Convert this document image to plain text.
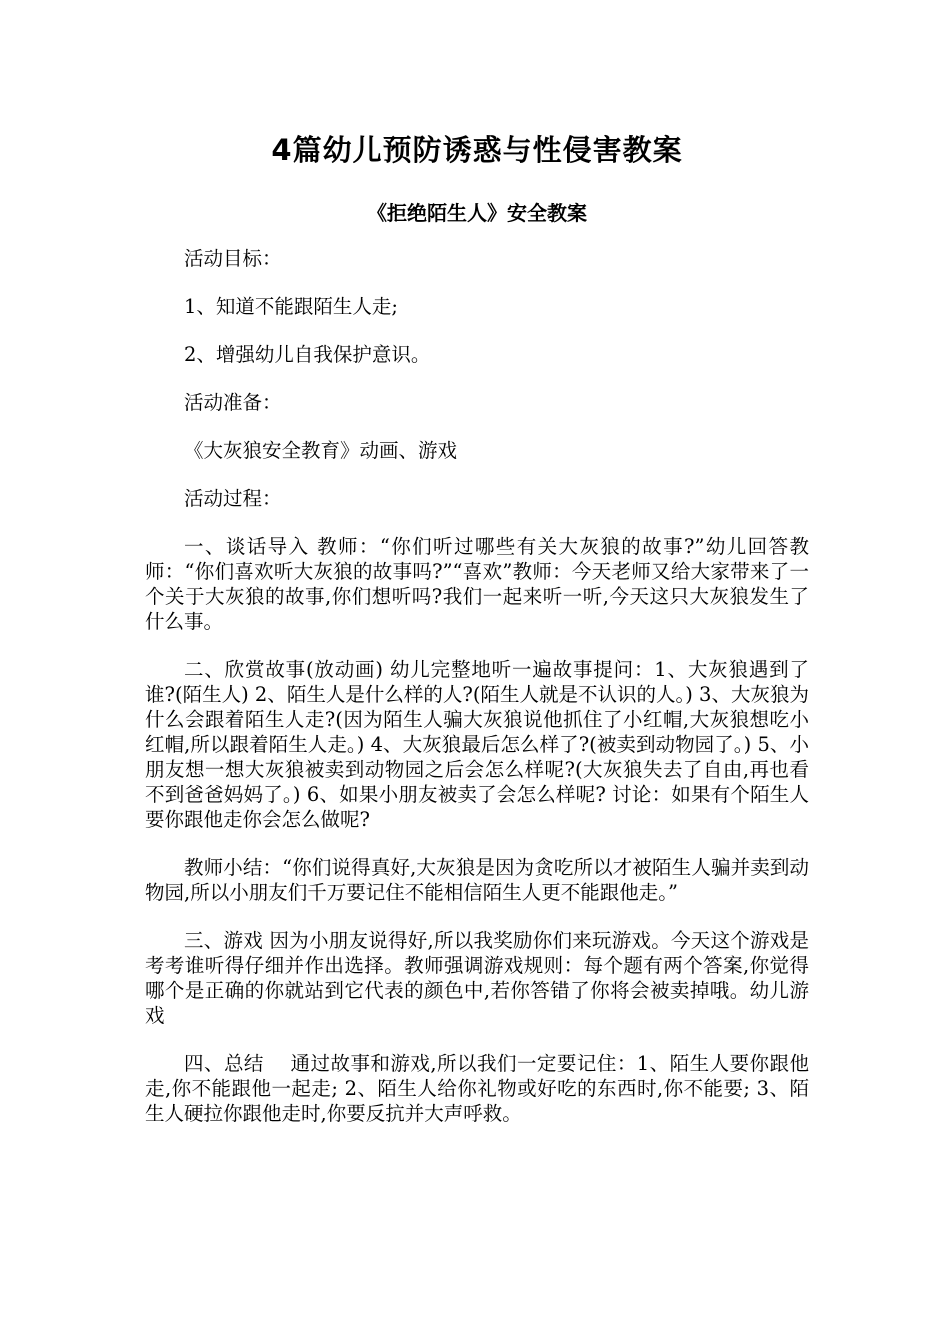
4篇幼儿预防诱惑与性侵害教案
《拒绝陌生人》安全教案

活动目标：

1、知道不能跟陌生人走;

2、增强幼儿自我保护意识。

活动准备：

《大灰狼安全教育》动画、游戏

活动过程：

一、谈话导入 教师：“你们听过哪些有关大灰狼的故事?”幼儿回答教师：“你们喜欢听大灰狼的故事吗?”“喜欢”教师：今天老师又给大家带来了一个关于大灰狼的故事,你们想听吗?我们一起来听一听,今天这只大灰狼发生了什么事。

二、欣赏故事(放动画) 幼儿完整地听一遍故事提问：1、大灰狼遇到了谁?(陌生人) 2、陌生人是什么样的人?(陌生人就是不认识的人。) 3、大灰狼为什么会跟着陌生人走?(因为陌生人骗大灰狼说他抓住了小红帽,大灰狼想吃小红帽,所以跟着陌生人走。) 4、大灰狼最后怎么样了?(被卖到动物园了。) 5、小朋友想一想大灰狼被卖到动物园之后会怎么样呢?(大灰狼失去了自由,再也看不到爸爸妈妈了。) 6、如果小朋友被卖了会怎么样呢? 讨论：如果有个陌生人要你跟他走你会怎么做呢?

教师小结：“你们说得真好,大灰狼是因为贪吃所以才被陌生人骗并卖到动物园,所以小朋友们千万要记住不能相信陌生人更不能跟他走。”

三、游戏 因为小朋友说得好,所以我奖励你们来玩游戏。今天这个游戏是考考谁听得仔细并作出选择。教师强调游戏规则：每个题有两个答案,你觉得哪个是正确的你就站到它代表的颜色中,若你答错了你将会被卖掉哦。幼儿游戏

四、总结　 通过故事和游戏,所以我们一定要记住：1、陌生人要你跟他走,你不能跟他一起走; 2、陌生人给你礼物或好吃的东西时,你不能要; 3、陌生人硬拉你跟他走时,你要反抗并大声呼救。
